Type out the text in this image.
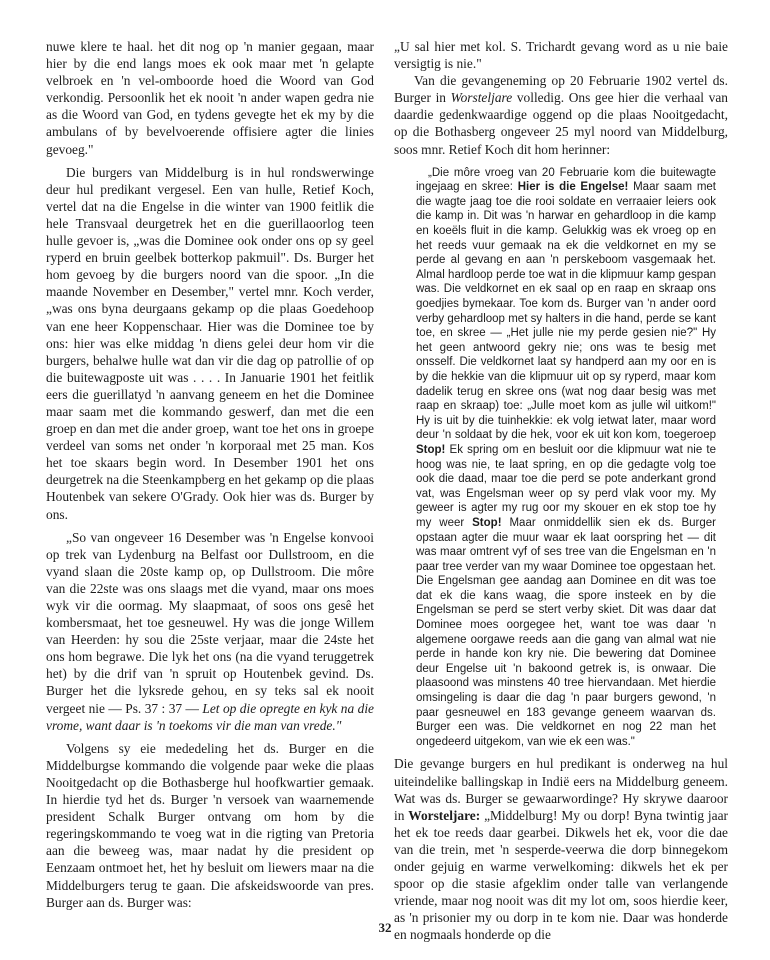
nuwe klere te haal. het dit nog op 'n manier gegaan, maar hier by die end langs moes ek ook maar met 'n gelapte velbroek en 'n vel-omboorde hoed die Woord van God verkondig. Persoonlik het ek nooit 'n ander wapen gedra nie as die Woord van God, en tydens gevegte het ek my by die ambulans of by bevelvoerende offisiere agter die linies gevoeg."

Die burgers van Middelburg is in hul rondswerwinge deur hul predikant vergesel. Een van hulle, Retief Koch, vertel dat na die Engelse in die winter van 1900 feitlik die hele Transvaal deurgetrek het en die guerillaoorlog teen hulle gevoer is, „was die Dominee ook onder ons op sy geel ryperd en bruin geelbek botterkop pakmuil". Ds. Burger het hom gevoeg by die burgers noord van die spoor. „In die maande November en Desember," vertel mnr. Koch verder, „was ons byna deurgaans gekamp op die plaas Goedehoop van ene heer Koppenschaar. Hier was die Dominee toe by ons: hier was elke middag 'n diens gelei deur hom vir die burgers, behalwe hulle wat dan vir die dag op patrollie of op die buitewagposte uit was . . . . In Januarie 1901 het feitlik eers die guerillatyd 'n aanvang geneem en het die Dominee maar saam met die kommando geswerf, dan met die een groep en dan met die ander groep, want toe het ons in groepe verdeel van soms net onder 'n korporaal met 25 man. Kos het toe skaars begin word. In Desember 1901 het ons deurgetrek na die Steenkampberg en het gekamp op die plaas Houtenbek van sekere O'Grady. Ook hier was ds. Burger by ons.

„So van ongeveer 16 Desember was 'n Engelse konvooi op trek van Lydenburg na Belfast oor Dullstroom, en die vyand slaan die 20ste kamp op, op Dullstroom. Die môre van die 22ste was ons slaags met die vyand, maar ons moes wyk vir die oormag. My slaapmaat, of soos ons gesê het kombersmaat, het toe gesneuwel. Hy was die jonge Willem van Heerden: hy sou die 25ste verjaar, maar die 24ste het ons hom begrawe. Die lyk het ons (na die vyand teruggetrek het) by die drif van 'n spruit op Houtenbek gevind. Ds. Burger het die lyksrede gehou, en sy teks sal ek nooit vergeet nie — Ps. 37 : 37 — Let op die opregte en kyk na die vrome, want daar is 'n toekoms vir die man van vrede."

Volgens sy eie mededeling het ds. Burger en die Middelburgse kommando die volgende paar weke die plaas Nooitgedacht op die Bothasberge hul hoofkwartier gemaak. In hierdie tyd het ds. Burger 'n versoek van waarnemende president Schalk Burger ontvang om hom by die regeringskommando te voeg wat in die rigting van Pretoria aan die beweeg was, maar nadat hy die president op Eenzaam ontmoet het, het hy besluit om liewers maar na die Middelburgers terug te gaan. Die afskeidswoorde van pres. Burger aan ds. Burger was:

„U sal hier met kol. S. Trichardt gevang word as u nie baie versigtig is nie."

Van die gevangeneming op 20 Februarie 1902 vertel ds. Burger in Worsteljare volledig. Ons gee hier die verhaal van daardie gedenkwaardige oggend op die plaas Nooitgedacht, op die Bothasberg ongeveer 25 myl noord van Middelburg, soos mnr. Retief Koch dit hom herinner:

„Die môre vroeg van 20 Februarie kom die buitewagte ingejaag en skree: Hier is die Engelse! Maar saam met die wagte jaag toe die rooi soldate en verraaier leiers ook die kamp in. Dit was 'n harwar en gehardloop in die kamp en koeëls fluit in die kamp. Gelukkig was ek vroeg op en het reeds vuur gemaak na ek die veldkornet en my se perde al gevang en aan 'n perskeboom vasgemaak het. Almal hardloop perde toe wat in die klipmuur kamp gespan was. Die veldkornet en ek saal op en raap en skraap ons goedjies bymekaar. Toe kom ds. Burger van 'n ander oord verby gehardloop met sy halters in die hand, perde se kant toe, en skree — „Het julle nie my perde gesien nie?" Hy het geen antwoord gekry nie; ons was te besig met onsself. Die veldkornet laat sy handperd aan my oor en is by die hekkie van die klipmuur uit op sy ryperd, maar kom dadelik terug en skree ons (wat nog daar besig was met raap en skraap) toe: „Julle moet kom as julle wil uitkom!" Hy is uit by die tuinhekkie: ek volg ietwat later, maar word deur 'n soldaat by die hek, voor ek uit kon kom, toegeroep Stop! Ek spring om en besluit oor die klipmuur wat nie te hoog was nie, te laat spring, en op die gedagte volg toe ook die daad, maar toe die perd se pote anderkant grond vat, was Engelsman weer op sy perd vlak voor my. My geweer is agter my rug oor my skouer en ek stop toe hy my weer Stop! Maar onmiddellik sien ek ds. Burger opstaan agter die muur waar ek laat oorspring het — dit was maar omtrent vyf of ses tree van die Engelsman en 'n paar tree verder van my waar Dominee toe opgestaan het. Die Engelsman gee aandag aan Dominee en dit was toe dat ek die kans waag, die spore insteek en by die Engelsman se perd se stert verby skiet. Dit was daar dat Dominee moes oorgegee het, want toe was daar 'n algemene oorgawe reeds aan die gang van almal wat nie perde in hande kon kry nie. Die bewering dat Dominee deur Engelse uit 'n bakoond getrek is, is onwaar. Die plaasoond was minstens 40 tree hiervandaan. Met hierdie omsingeling is daar die dag 'n paar burgers gewond, 'n paar gesneuwel en 183 gevange geneem waarvan ds. Burger een was. Die veldkornet en nog 22 man het ongedeerd uitgekom, van wie ek een was."

Die gevange burgers en hul predikant is onderweg na hul uiteindelike ballingskap in Indië eers na Middelburg geneem. Wat was ds. Burger se gewaarwordinge? Hy skrywe daaroor in Worsteljare: „Middelburg! My ou dorp! Byna twintig jaar het ek toe reeds daar gearbei. Dikwels het ek, voor die dae van die trein, met 'n sesperde-veerwa die dorp binnegekom onder gejuig en warme verwelkoming: dikwels het ek per spoor op die stasie afgeklim onder talle van verlangende vriende, maar nog nooit was dit my lot om, soos hierdie keer, as 'n prisonier my ou dorp in te kom nie. Daar was honderde en nogmaals honderde op die

32
